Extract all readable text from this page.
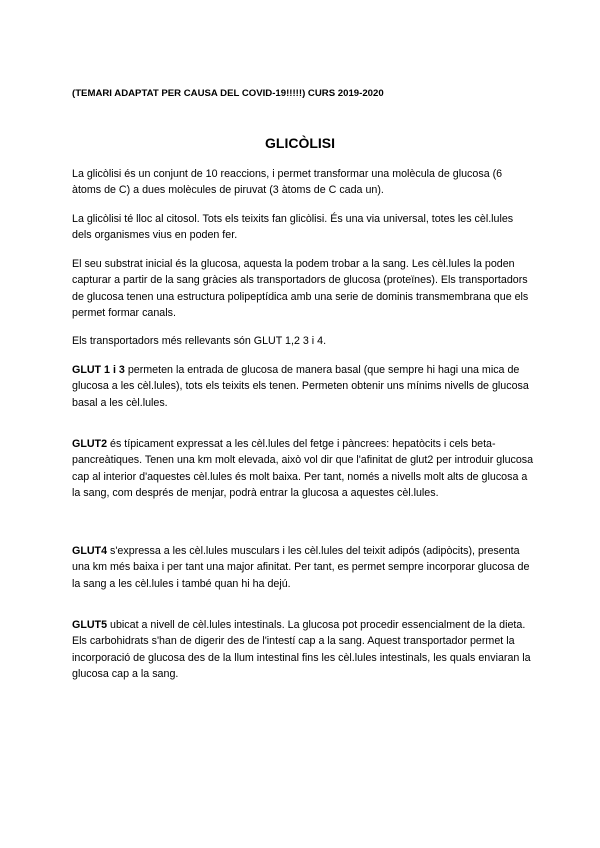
(TEMARI ADAPTAT PER CAUSA DEL COVID-19!!!!!) CURS 2019-2020
GLICÒLISI

La glicòlisi és un conjunt de 10 reaccions, i permet transformar una molècula de glucosa (6 àtoms de C) a dues molècules de piruvat (3 àtoms de C cada un).

La glicòlisi té lloc al citosol. Tots els teixits fan glicòlisi. És una via universal, totes les cèl.lules dels organismes vius en poden fer.

El seu substrat inicial és la glucosa, aquesta la podem trobar a la sang. Les cèl.lules la poden capturar a partir de la sang gràcies als transportadors de glucosa (proteïnes). Els transportadors de glucosa tenen una estructura polipeptídica amb una serie de dominis transmembrana que els permet formar canals.

Els transportadors més rellevants són GLUT 1,2 3 i 4.

GLUT 1 i 3 permeten la entrada de glucosa de manera basal (que sempre hi hagi una mica de glucosa a les cèl.lules), tots els teixits els tenen. Permeten obtenir uns mínims nivells de glucosa basal a les cèl.lules.

GLUT2 és típicament expressat a les cèl.lules del fetge i pàncrees: hepatòcits i cels beta-pancreàtiques. Tenen una km molt elevada, això vol dir que l'afinitat de glut2 per introduir glucosa cap al interior d'aquestes cèl.lules és molt baixa. Per tant, només a nivells molt alts de glucosa a la sang, com després de menjar, podrà entrar la glucosa a aquestes cèl.lules.

GLUT4 s'expressa a les cèl.lules musculars i les cèl.lules del teixit adipós (adipòcits), presenta una km més baixa i per tant una major afinitat. Per tant, es permet sempre incorporar glucosa de la sang a les cèl.lules i també quan hi ha dejú.

GLUT5 ubicat a nivell de cèl.lules intestinals. La glucosa pot procedir essencialment de la dieta. Els carbohidrats s'han de digerir des de l'intestí cap a la sang. Aquest transportador permet la incorporació de glucosa des de la llum intestinal fins les cèl.lules intestinals, les quals enviaran la glucosa cap a la sang.
